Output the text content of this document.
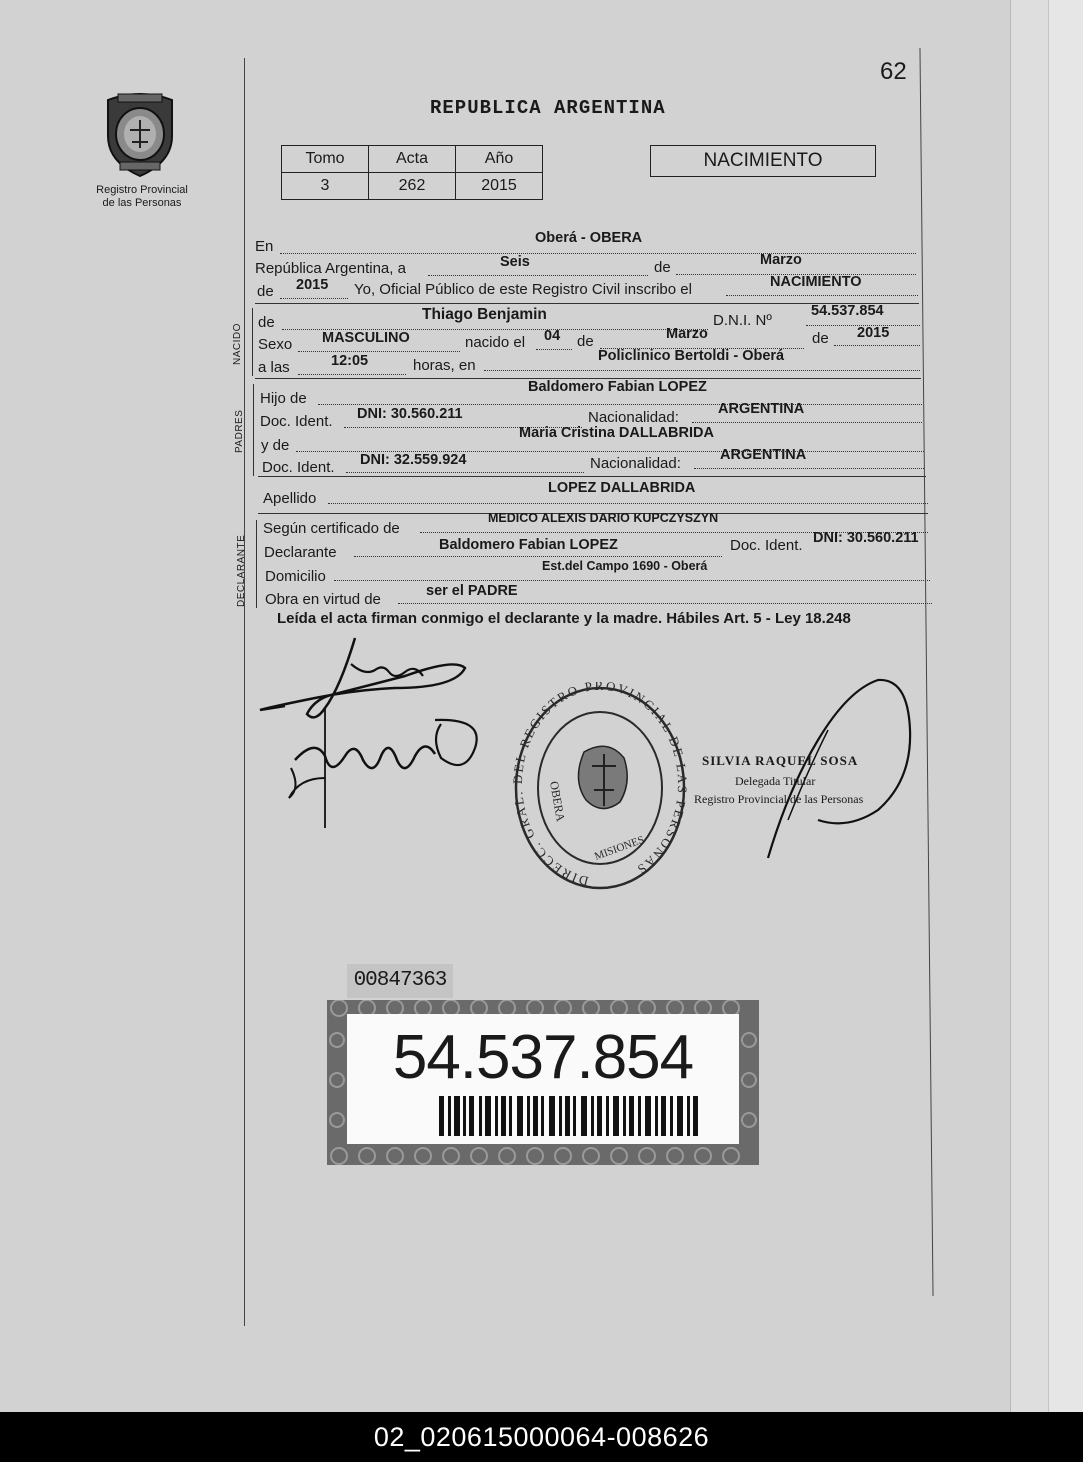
62
REPUBLICA ARGENTINA
Registro Provincial
de las Personas
Tomo	Acta	Año
3	262	2015
NACIMIENTO
En	Oberá - OBERA
República Argentina, a	Seis	de	Marzo
de 2015 Yo, Oficial Público de este Registro Civil inscribo el	NACIMIENTO
NACIDO
de	Thiago Benjamin	D.N.I. Nº
54.537.854
Sexo MASCULINO	nacido el 04 de	Marzo	de 2015
a las	12:05	horas, en
Policlinico Bertoldi - Oberá
PADRES
Hijo de
Baldomero Fabian LOPEZ
Doc. Ident. DNI: 30.560.211	Nacionalidad:	ARGENTINA
y de
Maria Cristina DALLABRIDA
Doc. Ident. DNI: 32.559.924	Nacionalidad:	ARGENTINA
Apellido
LOPEZ DALLABRIDA
DECLARANTE
Según certificado de
MEDICO ALEXIS DARIO KUPCZYSZYN
Declarante	Baldomero Fabian LOPEZ	Doc. Ident. DNI: 30.560.211
Domicilio
Est.del Campo 1690 - Oberá
Obra en virtud de	ser el PADRE
Leída el acta firman conmigo el declarante y la madre. Hábiles Art. 5 - Ley 18.248
DIRECC. GRAL. DEL REGISTRO PROVINCIAL DE LAS PERSONAS
OBERA
MISIONES
SILVIA RAQUEL SOSA
Delegada Titular
Registro Provincial de las Personas
00847363
54.537.854
02_020615000064-008626
